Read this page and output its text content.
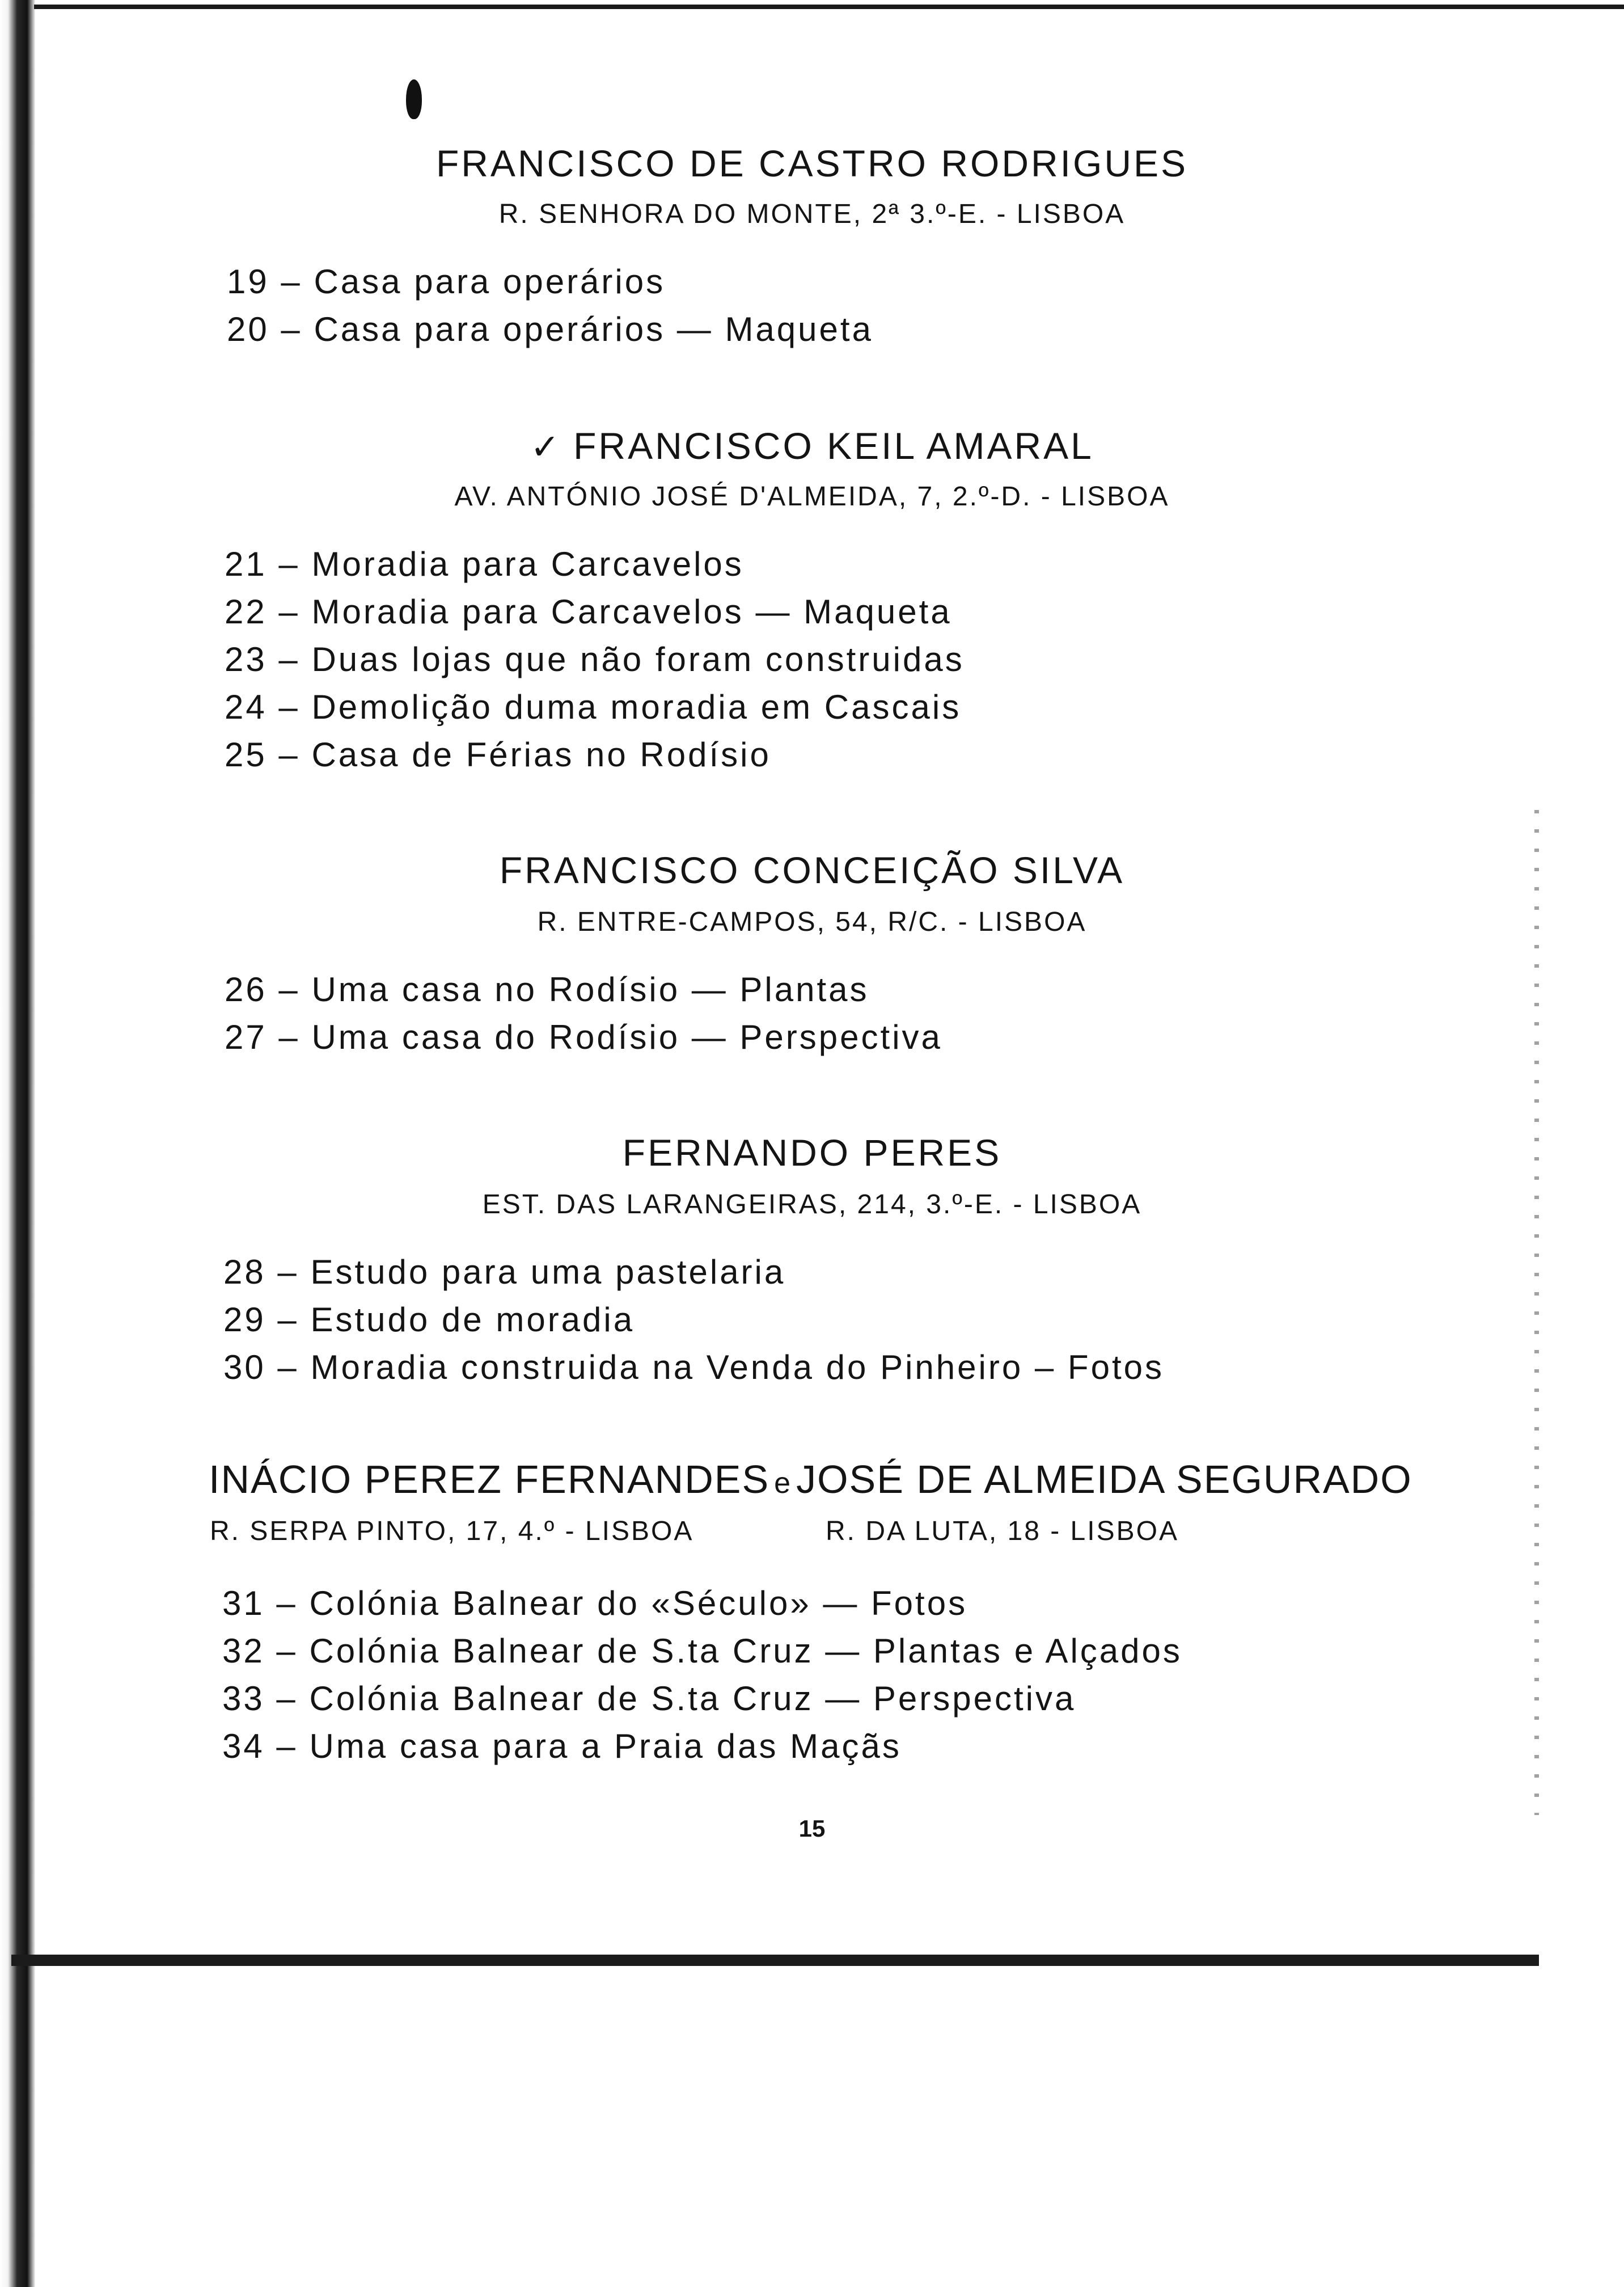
FRANCISCO DE CASTRO RODRIGUES
R. SENHORA DO MONTE, 2ª 3.º-E. - LISBOA
19 – Casa para operários
20 – Casa para operários — Maqueta
✓ FRANCISCO KEIL AMARAL
AV. ANTÓNIO JOSÉ D'ALMEIDA, 7, 2.º-D. - LISBOA
21 – Moradia para Carcavelos
22 – Moradia para Carcavelos — Maqueta
23 – Duas lojas que não foram construidas
24 – Demolição duma moradia em Cascais
25 – Casa de Férias no Rodísio
FRANCISCO CONCEIÇÃO SILVA
R. ENTRE-CAMPOS, 54, R/C. - LISBOA
26 – Uma casa no Rodísio — Plantas
27 – Uma casa do Rodísio — Perspectiva
FERNANDO PERES
EST. DAS LARANGEIRAS, 214, 3.º-E. - LISBOA
28 – Estudo para uma pastelaria
29 – Estudo de moradia
30 – Moradia construida na Venda do Pinheiro – Fotos
INÁCIO PEREZ FERNANDES e JOSÉ DE ALMEIDA SEGURADO
R. SERPA PINTO, 17, 4.º - LISBOA	R. DA LUTA, 18 - LISBOA
31 – Colónia Balnear do «Século» — Fotos
32 – Colónia Balnear de S.ta Cruz — Plantas e Alçados
33 – Colónia Balnear de S.ta Cruz — Perspectiva
34 – Uma casa para a Praia das Maçãs
15
